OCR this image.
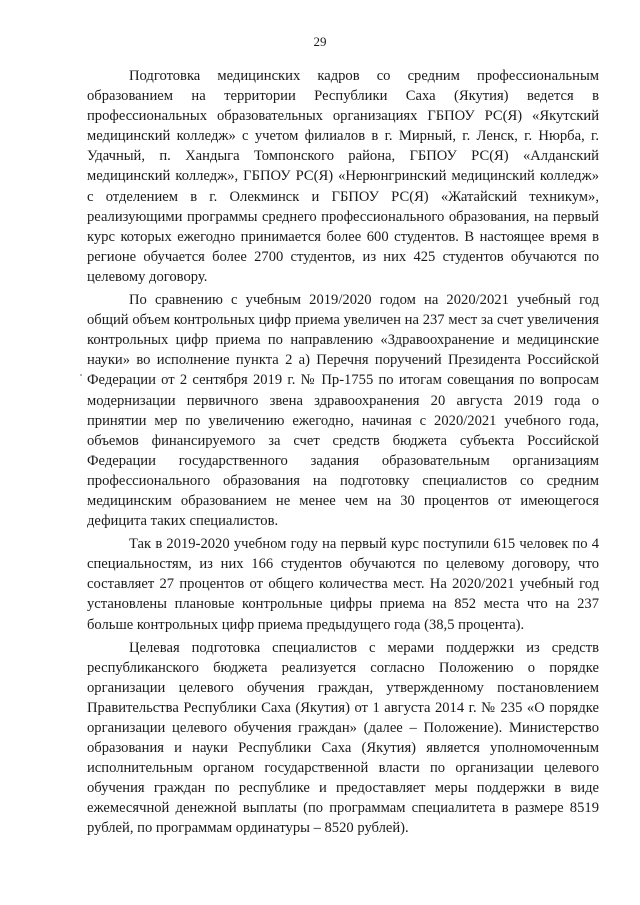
29

Подготовка медицинских кадров со средним профессиональным образованием на территории Республики Саха (Якутия) ведется в профессиональных образовательных организациях ГБПОУ РС(Я) «Якутский медицинский колледж» с учетом филиалов в г. Мирный, г. Ленск, г. Нюрба, г. Удачный, п. Хандыга Томпонского района, ГБПОУ РС(Я) «Алданский медицинский колледж», ГБПОУ РС(Я) «Нерюнгринский медицинский колледж» с отделением в г. Олекминск и ГБПОУ РС(Я) «Жатайский техникум», реализующими программы среднего профессионального образования, на первый курс которых ежегодно принимается более 600 студентов. В настоящее время в регионе обучается более 2700 студентов, из них 425 студентов обучаются по целевому договору.

По сравнению с учебным 2019/2020 годом на 2020/2021 учебный год общий объем контрольных цифр приема увеличен на 237 мест за счет увеличения контрольных цифр приема по направлению «Здравоохранение и медицинские науки» во исполнение пункта 2 а) Перечня поручений Президента Российской Федерации от 2 сентября 2019 г. № Пр-1755 по итогам совещания по вопросам модернизации первичного звена здравоохранения 20 августа 2019 года о принятии мер по увеличению ежегодно, начиная с 2020/2021 учебного года, объемов финансируемого за счет средств бюджета субъекта Российской Федерации государственного задания образовательным организациям профессионального образования на подготовку специалистов со средним медицинским образованием не менее чем на 30 процентов от имеющегося дефицита таких специалистов.

Так в 2019-2020 учебном году на первый курс поступили 615 человек по 4 специальностям, из них 166 студентов обучаются по целевому договору, что составляет 27 процентов от общего количества мест. На 2020/2021 учебный год установлены плановые контрольные цифры приема на 852 места что на 237 больше контрольных цифр приема предыдущего года (38,5 процента).

Целевая подготовка специалистов с мерами поддержки из средств республиканского бюджета реализуется согласно Положению о порядке организации целевого обучения граждан, утвержденному постановлением Правительства Республики Саха (Якутия) от 1 августа 2014 г. № 235 «О порядке организации целевого обучения граждан» (далее – Положение). Министерство образования и науки Республики Саха (Якутия) является уполномоченным исполнительным органом государственной власти по организации целевого обучения граждан по республике и предоставляет меры поддержки в виде ежемесячной денежной выплаты (по программам специалитета в размере 8519 рублей, по программам ординатуры – 8520 рублей).
